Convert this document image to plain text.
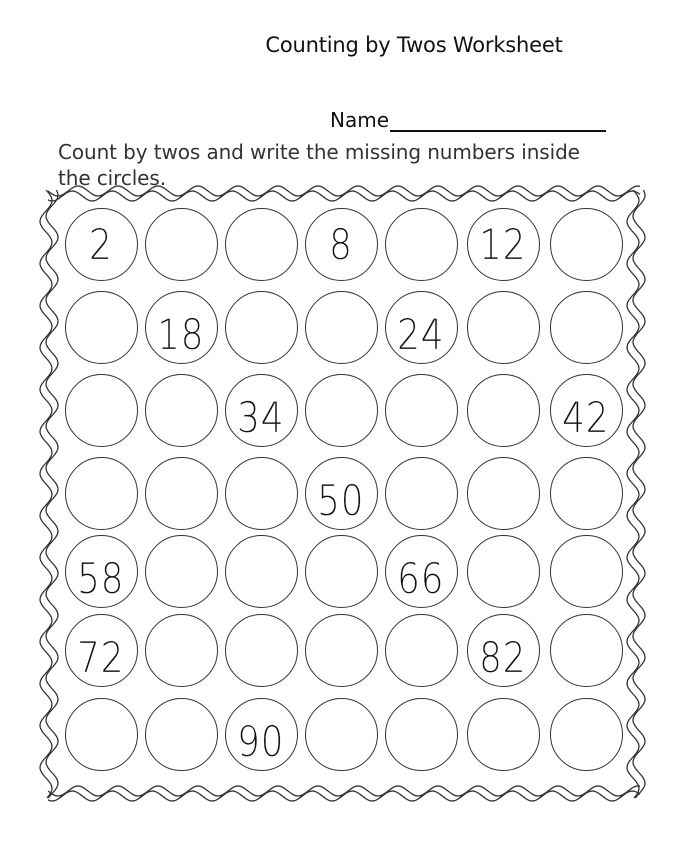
Counting by Twos Worksheet
Name
Count by twos and write the missing numbers inside the circles.
2	8	12
18	24
34	42
50
58	66
72	82
90
